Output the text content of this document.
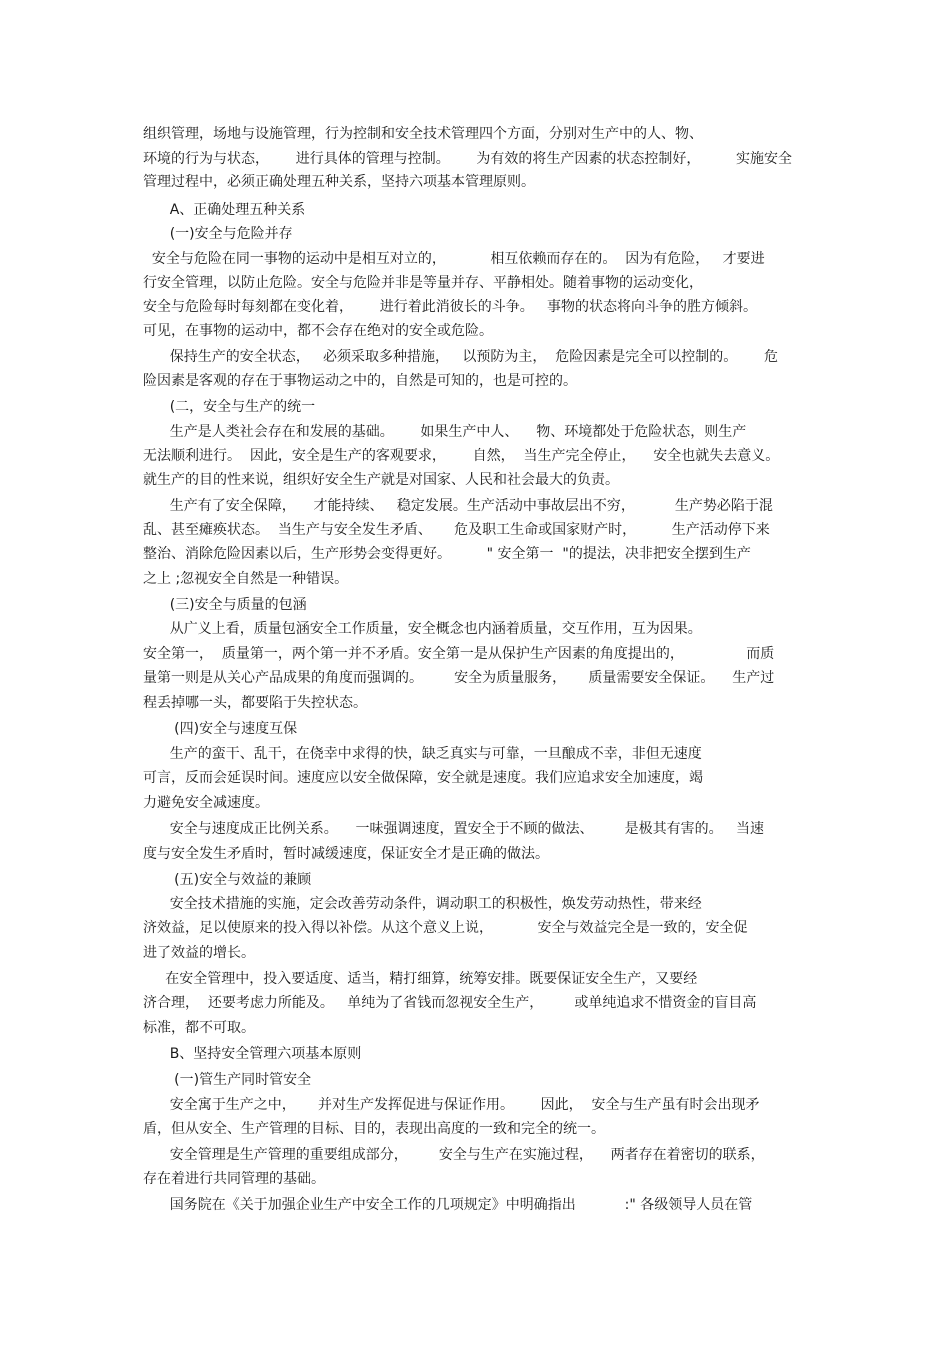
组织管理，场地与设施管理，行为控制和安全技术管理四个方面，分别对生产中的人、物、
环境的行为与状态，      进行具体的管理与控制。      为有效的将生产因素的状态控制好，        实施安全
管理过程中，必须正确处理五种关系，坚持六项基本管理原则。
A、正确处理五种关系
(一)安全与危险并存
安全与危险在同一事物的运动中是相互对立的，          相互依赖而存在的。  因为有危险，   才要进
行安全管理，以防止危险。安全与危险并非是等量并存、平静相处。随着事物的运动变化，
安全与危险每时每刻都在变化着，      进行着此消彼长的斗争。   事物的状态将向斗争的胜方倾斜。
可见，在事物的运动中，都不会存在绝对的安全或危险。
保持生产的安全状态，   必须采取多种措施，   以预防为主，  危险因素是完全可以控制的。      危
险因素是客观的存在于事物运动之中的，自然是可知的，也是可控的。
(二，安全与生产的统一
生产是人类社会存在和发展的基础。      如果生产中人、    物、环境都处于危险状态，则生产
无法顺利进行。  因此，安全是生产的客观要求，      自然，  当生产完全停止，    安全也就失去意义。
就生产的目的性来说，组织好安全生产就是对国家、人民和社会最大的负责。
生产有了安全保障，    才能持续、   稳定发展。生产活动中事故层出不穷，         生产势必陷于混
乱、甚至瘫痪状态。  当生产与安全发生矛盾、     危及职工生命或国家财产时，        生产活动停下来
整治、消除危险因素以后，生产形势会变得更好。        " 安全第一  "的提法，决非把安全摆到生产
之上 ;忽视安全自然是一种错误。
(三)安全与质量的包涵
从广义上看，质量包涵安全工作质量，安全概念也内涵着质量，交互作用，互为因果。
安全第一，  质量第一，两个第一并不矛盾。安全第一是从保护生产因素的角度提出的，              而质
量第一则是从关心产品成果的角度而强调的。       安全为质量服务，     质量需要安全保证。    生产过
程丢掉哪一头，都要陷于失控状态。
(四)安全与速度互保
生产的蛮干、乱干，在侥幸中求得的快，缺乏真实与可靠，一旦酿成不幸，非但无速度
可言，反而会延误时间。速度应以安全做保障，安全就是速度。我们应追求安全加速度，竭
力避免安全减速度。
安全与速度成正比例关系。    一味强调速度，置安全于不顾的做法、       是极其有害的。   当速
度与安全发生矛盾时，暂时减缓速度，保证安全才是正确的做法。
(五)安全与效益的兼顾
安全技术措施的实施，定会改善劳动条件，调动职工的积极性，焕发劳动热性，带来经
济效益，足以使原来的投入得以补偿。从这个意义上说，          安全与效益完全是一致的，安全促
进了效益的增长。
在安全管理中，投入要适度、适当，精打细算，统筹安排。既要保证安全生产，又要经
济合理，  还要考虑力所能及。   单纯为了省钱而忽视安全生产，       或单纯追求不惜资金的盲目高
标准，都不可取。
B、坚持安全管理六项基本原则
(一)管生产同时管安全
安全寓于生产之中，     并对生产发挥促进与保证作用。      因此，  安全与生产虽有时会出现矛
盾，但从安全、生产管理的目标、目的，表现出高度的一致和完全的统一。
安全管理是生产管理的重要组成部分，       安全与生产在实施过程，    两者存在着密切的联系，
存在着进行共同管理的基础。
国务院在《关于加强企业生产中安全工作的几项规定》中明确指出           :" 各级领导人员在管
